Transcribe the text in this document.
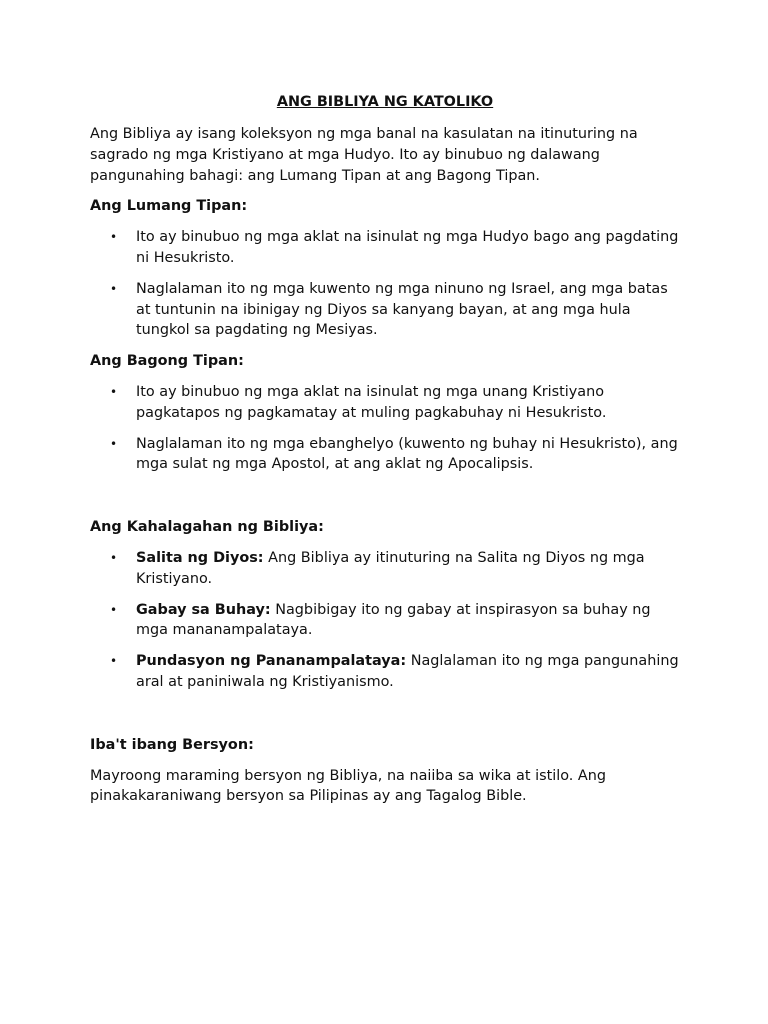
ANG BIBLIYA NG KATOLIKO

Ang Bibliya ay isang koleksyon ng mga banal na kasulatan na itinuturing na sagrado ng mga Kristiyano at mga Hudyo. Ito ay binubuo ng dalawang pangunahing bahagi: ang Lumang Tipan at ang Bagong Tipan.

Ang Lumang Tipan:
• Ito ay binubuo ng mga aklat na isinulat ng mga Hudyo bago ang pagdating ni Hesukristo.
• Naglalaman ito ng mga kuwento ng mga ninuno ng Israel, ang mga batas at tuntunin na ibinigay ng Diyos sa kanyang bayan, at ang mga hula tungkol sa pagdating ng Mesiyas.
Ang Bagong Tipan:
• Ito ay binubuo ng mga aklat na isinulat ng mga unang Kristiyano pagkatapos ng pagkamatay at muling pagkabuhay ni Hesukristo.
• Naglalaman ito ng mga ebanghelyo (kuwento ng buhay ni Hesukristo), ang mga sulat ng mga Apostol, at ang aklat ng Apocalipsis.
Ang Kahalagahan ng Bibliya:
• Salita ng Diyos: Ang Bibliya ay itinuturing na Salita ng Diyos ng mga Kristiyano.
• Gabay sa Buhay: Nagbibigay ito ng gabay at inspirasyon sa buhay ng mga mananampalataya.
• Pundasyon ng Pananampalataya: Naglalaman ito ng mga pangunahing aral at paniniwala ng Kristiyanismo.
Iba't ibang Bersyon:

Mayroong maraming bersyon ng Bibliya, na naiiba sa wika at istilo. Ang pinakakaraniwang bersyon sa Pilipinas ay ang Tagalog Bible.
